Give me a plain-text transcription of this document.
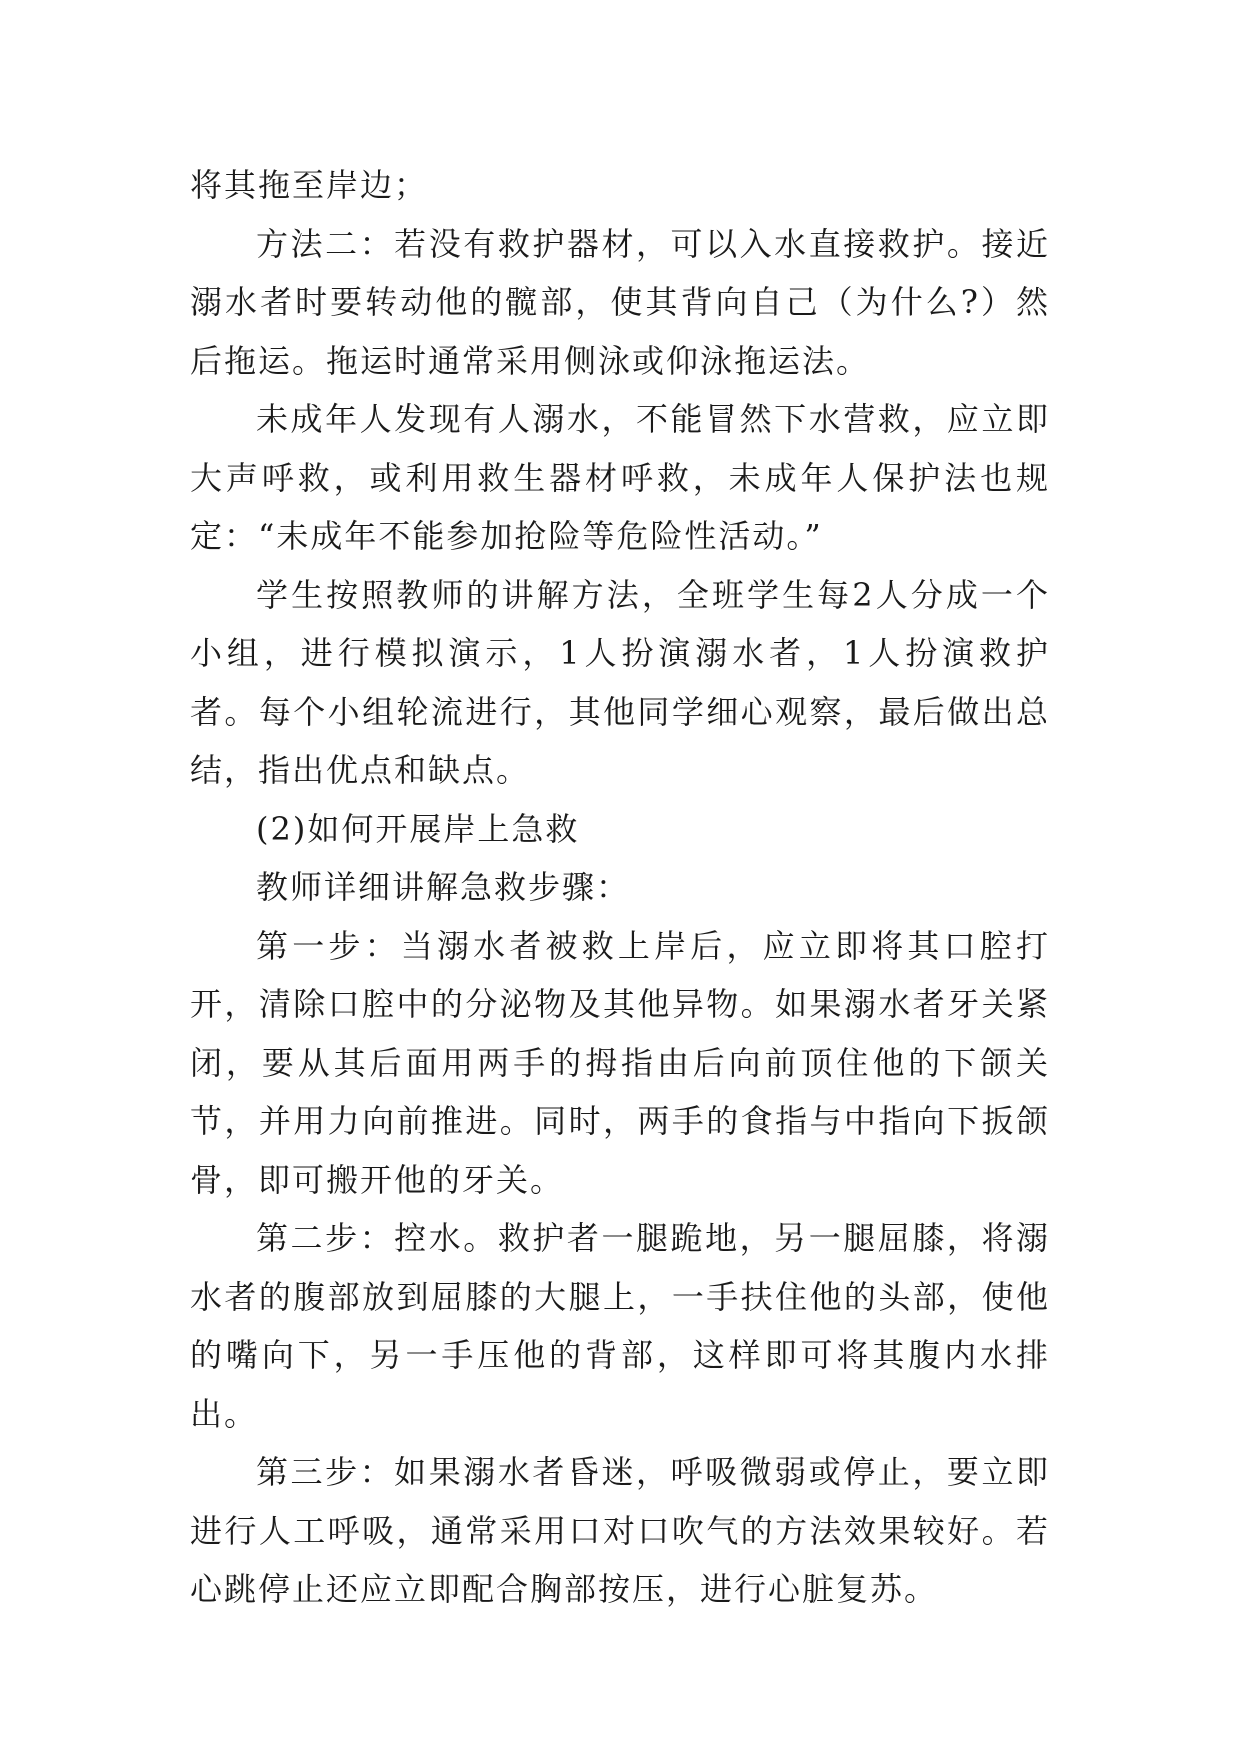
将其拖至岸边；

方法二：若没有救护器材，可以入水直接救护。接近溺水者时要转动他的髋部，使其背向自己（为什么?）然后拖运。拖运时通常采用侧泳或仰泳拖运法。

未成年人发现有人溺水，不能冒然下水营救，应立即大声呼救，或利用救生器材呼救，未成年人保护法也规定：“未成年不能参加抢险等危险性活动。”

学生按照教师的讲解方法，全班学生每2人分成一个小组，进行模拟演示，1人扮演溺水者，1人扮演救护者。每个小组轮流进行，其他同学细心观察，最后做出总结，指出优点和缺点。

(2)如何开展岸上急救

教师详细讲解急救步骤：

第一步：当溺水者被救上岸后，应立即将其口腔打开，清除口腔中的分泌物及其他异物。如果溺水者牙关紧闭，要从其后面用两手的拇指由后向前顶住他的下颌关节，并用力向前推进。同时，两手的食指与中指向下扳颌骨，即可搬开他的牙关。

第二步：控水。救护者一腿跪地，另一腿屈膝，将溺水者的腹部放到屈膝的大腿上，一手扶住他的头部，使他的嘴向下，另一手压他的背部，这样即可将其腹内水排出。

第三步：如果溺水者昏迷，呼吸微弱或停止，要立即进行人工呼吸，通常采用口对口吹气的方法效果较好。若心跳停止还应立即配合胸部按压，进行心脏复苏。
